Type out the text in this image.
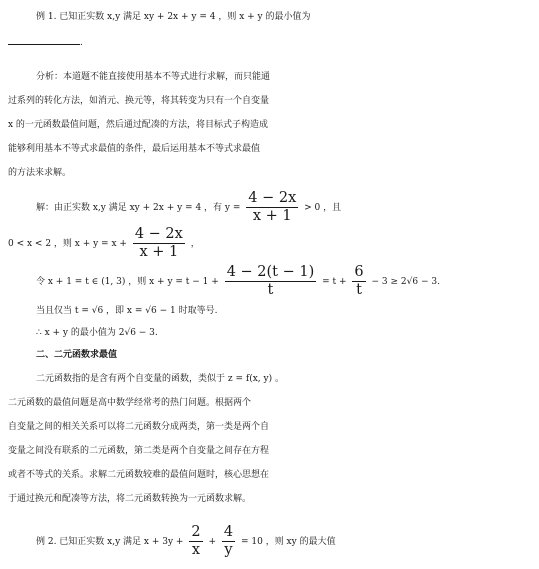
例 1. 已知正实数 x,y 满足 xy + 2x + y = 4 ，则 x + y 的最小值为
.
分析：本道题不能直接使用基本不等式进行求解，而只能通
过系列的转化方法，如消元、换元等，将其转变为只有一个自变量
x 的一元函数最值问题，然后通过配凑的方法，将目标式子构造成
能够利用基本不等式求最值的条件，最后运用基本不等式求最值
的方法来求解。
解：由正实数 x,y 满足 xy + 2x + y = 4 ，有 $y = \frac{4 - 2x}{x + 1} > 0$ ，且
0 < x < 2 ，则 $x + y = x + \frac{4 - 2x}{x + 1}$ ，
令 x + 1 = t ∈ (1, 3) ，则 $x + y = t - 1 + \frac{4 - 2(t - 1)}{t} = t + \frac{6}{t} - 3 \ge 2√6 - 3$.
当且仅当 t = √6 ，即 x = √6 − 1 时取等号.
∴ x + y 的最小值为 2√6 − 3.
二、二元函数求最值
二元函数指的是含有两个自变量的函数，类似于 z = f(x, y) 。
二元函数的最值问题是高中数学经常考的热门问题。根据两个
自变量之间的相关关系可以将二元函数分成两类，第一类是两个自
变量之间没有联系的二元函数，第二类是两个自变量之间存在方程
或者不等式的关系。求解二元函数较难的最值问题时，核心思想在
于通过换元和配凑等方法，将二元函数转换为一元函数求解。
例 2. 已知正实数 x,y 满足 $x + 3y + \frac{2}{x} + \frac{4}{y} = 10$ ，则 xy 的最大值
